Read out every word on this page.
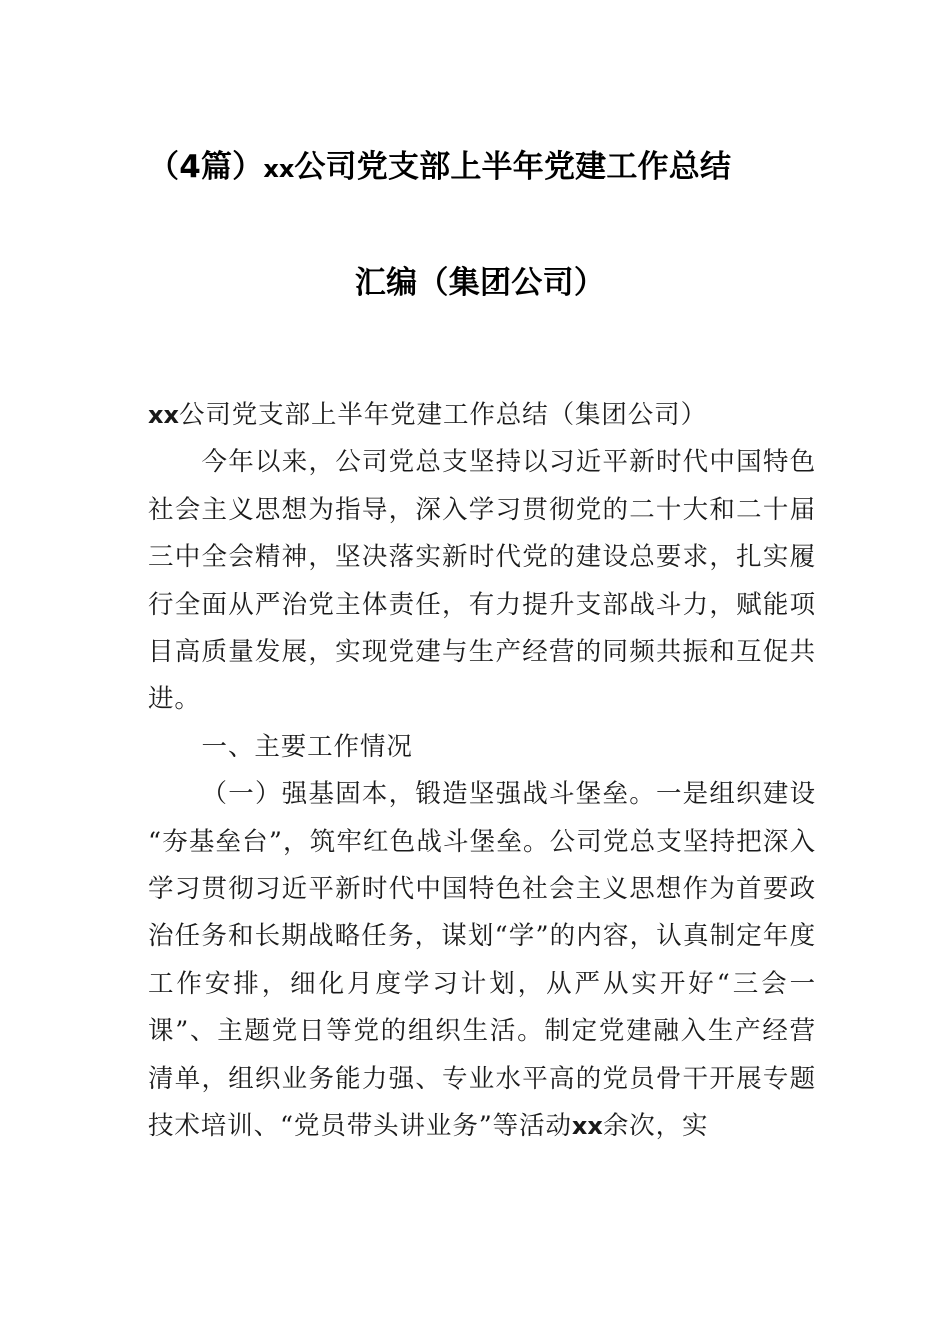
（4篇）xx公司党支部上半年党建工作总结
汇编（集团公司）

xx公司党支部上半年党建工作总结（集团公司）

今年以来，公司党总支坚持以习近平新时代中国特色社会主义思想为指导，深入学习贯彻党的二十大和二十届三中全会精神，坚决落实新时代党的建设总要求，扎实履行全面从严治党主体责任，有力提升支部战斗力，赋能项目高质量发展，实现党建与生产经营的同频共振和互促共进。

一、主要工作情况

（一）强基固本，锻造坚强战斗堡垒。一是组织建设“夯基垒台”，筑牢红色战斗堡垒。公司党总支坚持把深入学习贯彻习近平新时代中国特色社会主义思想作为首要政治任务和长期战略任务，谋划“学”的内容，认真制定年度工作安排，细化月度学习计划，从严从实开好“三会一课”、主题党日等党的组织生活。制定党建融入生产经营清单，组织业务能力强、专业水平高的党员骨干开展专题技术培训、“党员带头讲业务”等活动xx余次，实
